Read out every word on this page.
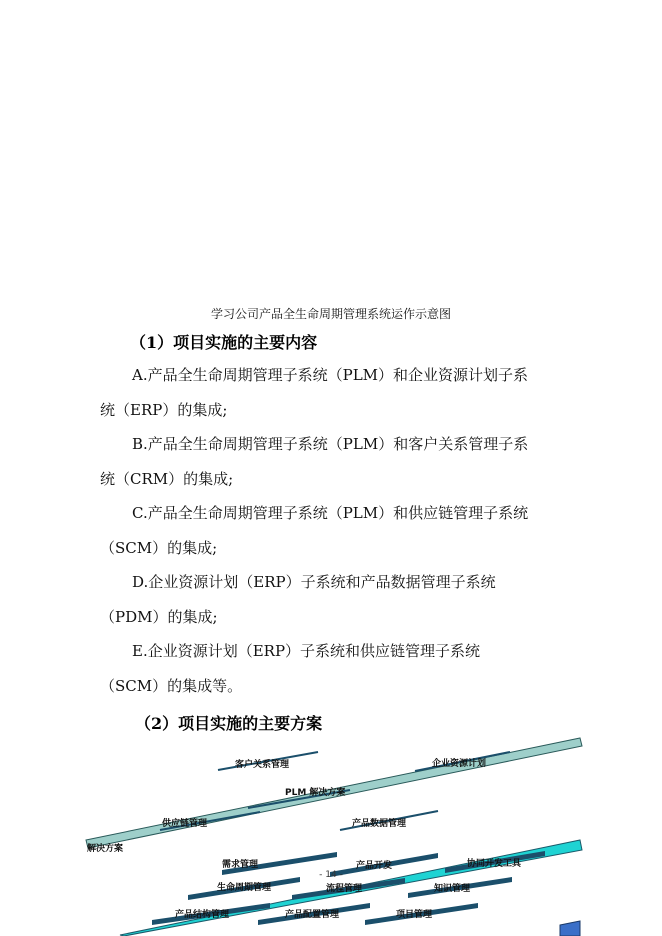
学习公司产品全生命周期管理系统运作示意图
（1）项目实施的主要内容
A.产品全生命周期管理子系统（PLM）和企业资源计划子系
统（ERP）的集成;
B.产品全生命周期管理子系统（PLM）和客户关系管理子系
统（CRM）的集成;
C.产品全生命周期管理子系统（PLM）和供应链管理子系统
（SCM）的集成;
D.企业资源计划（ERP）子系统和产品数据管理子系统
（PDM）的集成;
E.企业资源计划（ERP）子系统和供应链管理子系统
（SCM）的集成等。
（2）项目实施的主要方案
客户关系管理	企业资源计划
PLM 解决方案
供应链管理	产品数据管理
解决方案
需求管理	产品开发	协同开发工具
生命周期管理	流程管理	知识管理
产品结构管理	产品配置管理	项目管理
- 14 -
